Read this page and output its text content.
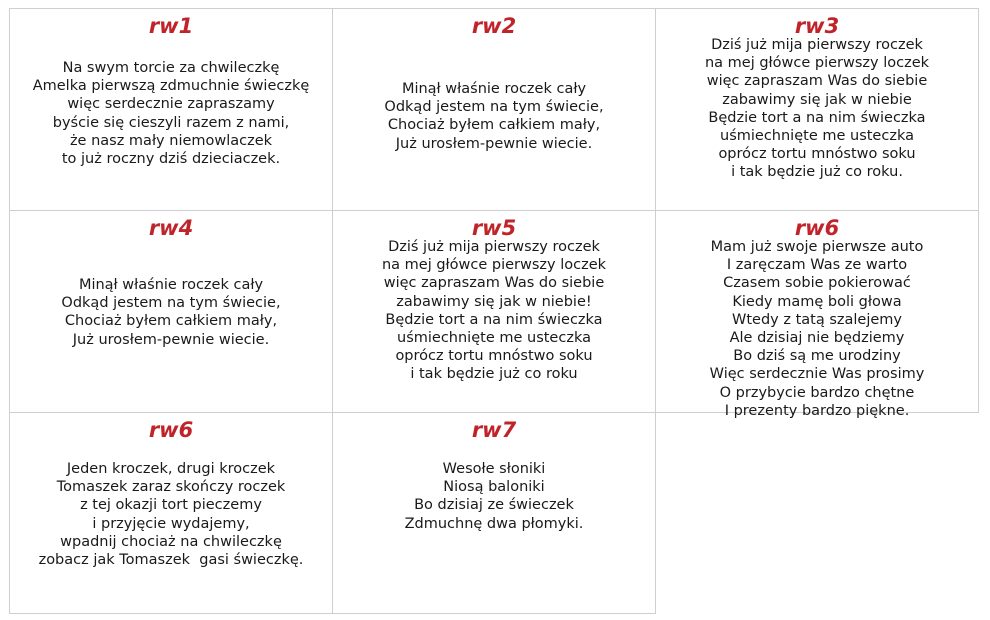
rw1
Na swym torcie za chwileczkę
Amelka pierwszą zdmuchnie świeczkę
więc serdecznie zapraszamy
byście się cieszyli razem z nami,
że nasz mały niemowlaczek
to już roczny dziś dzieciaczek.
rw2
Minął właśnie roczek cały
Odkąd jestem na tym świecie,
Chociaż byłem całkiem mały,
Już urosłem-pewnie wiecie.
rw3
Dziś już mija pierwszy roczek
na mej główce pierwszy loczek
więc zapraszam Was do siebie
zabawimy się jak w niebie
Będzie tort a na nim świeczka
uśmiechnięte me usteczka
oprócz tortu mnóstwo soku
i tak będzie już co roku.
rw4
Minął właśnie roczek cały
Odkąd jestem na tym świecie,
Chociaż byłem całkiem mały,
Już urosłem-pewnie wiecie.
rw5
Dziś już mija pierwszy roczek
na mej główce pierwszy loczek
więc zapraszam Was do siebie
zabawimy się jak w niebie!
Będzie tort a na nim świeczka
uśmiechnięte me usteczka
oprócz tortu mnóstwo soku
i tak będzie już co roku
rw6
Mam już swoje pierwsze auto
I zaręczam Was ze warto
Czasem sobie pokierować
Kiedy mamę boli głowa
Wtedy z tatą szalejemy
Ale dzisiaj nie będziemy
Bo dziś są me urodziny
Więc serdecznie Was prosimy
O przybycie bardzo chętne
I prezenty bardzo piękne.
rw6
Jeden kroczek, drugi kroczek
Tomaszek zaraz skończy roczek
z tej okazji tort pieczemy
i przyjęcie wydajemy,
wpadnij chociaż na chwileczkę
zobacz jak Tomaszek  gasi świeczkę.
rw7
Wesołe słoniki
Niosą baloniki
Bo dzisiaj ze świeczek
Zdmuchnę dwa płomyki.
